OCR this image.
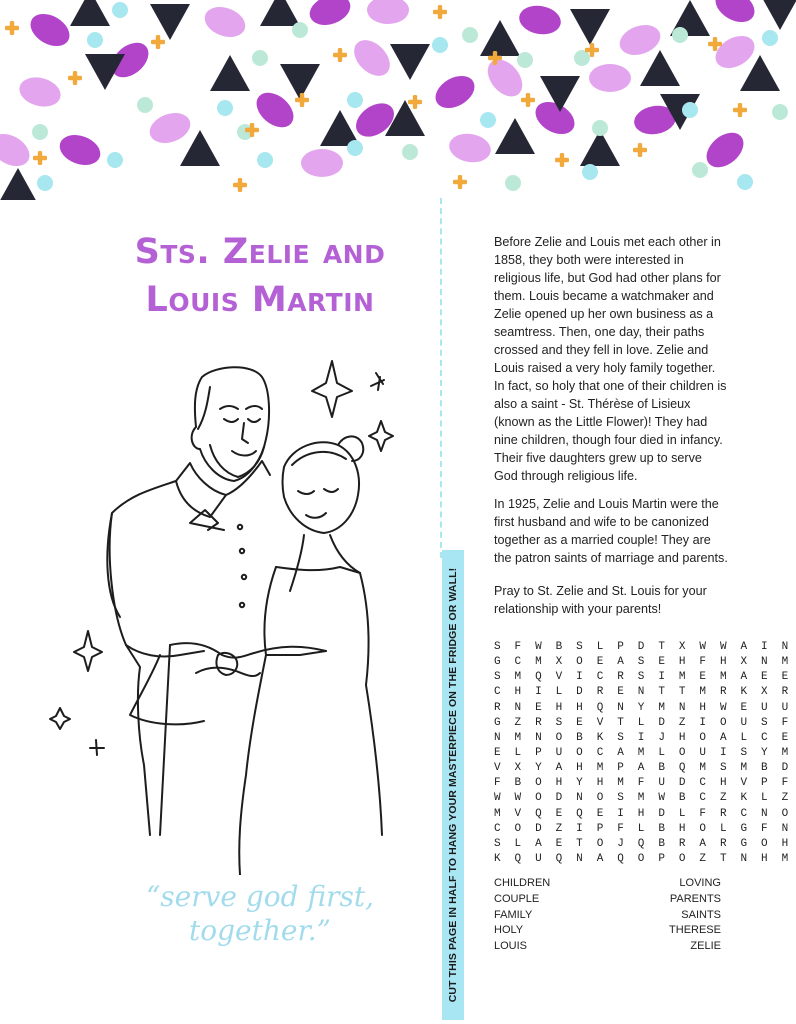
CUT THIS PAGE IN HALF TO HANG YOUR MASTERPIECE ON THE FRIDGE OR WALL!
Sts. Zelie and
Louis Martin
“serve god first,
together.”

Before Zelie and Louis met each other in 1858, they both were interested in religious life, but God had other plans for them. Louis became a watchmaker and Zelie opened up her own business as a seamtress. Then, one day, their paths crossed and they fell in love. Zelie and Louis raised a very holy family together. In fact, so holy that one of their children is also a saint - St. Thérèse of Lisieux (known as the Little Flower)! They had nine children, though four died in infancy. Their five daughters grew up to serve God through religious life.

In 1925, Zelie and Louis Martin were the first husband and wife to be canonized together as a married couple! They are the patron saints of marriage and parents.

Pray to St. Zelie and St. Louis for your relationship with your parents!

S F W B S L P D T X W W A I N
G C M X O E A S E H F H X N M
S M Q V I C R S I M E M A E E
C H I L D R E N T T M R K X R
R N E H H Q N Y M N H W E U U
G Z R S E V T L D Z I O U S F
N M N O B K S I J H O A L C E
E L P U O C A M L O U I S Y M
V X Y A H M P A B Q M S M B D
F B O H Y H M F U D C H V P F
W W O D N O S M W B C Z K L Z
M V Q E Q E I H D L F R C N O
C O D Z I P F L B H O L G F N
S L A E T O J Q B R A R G O H
K Q U Q N A Q O P O Z T N H M
CHILDREN
COUPLE
FAMILY
HOLY
LOUIS
LOVING
PARENTS
SAINTS
THERESE
ZELIE
